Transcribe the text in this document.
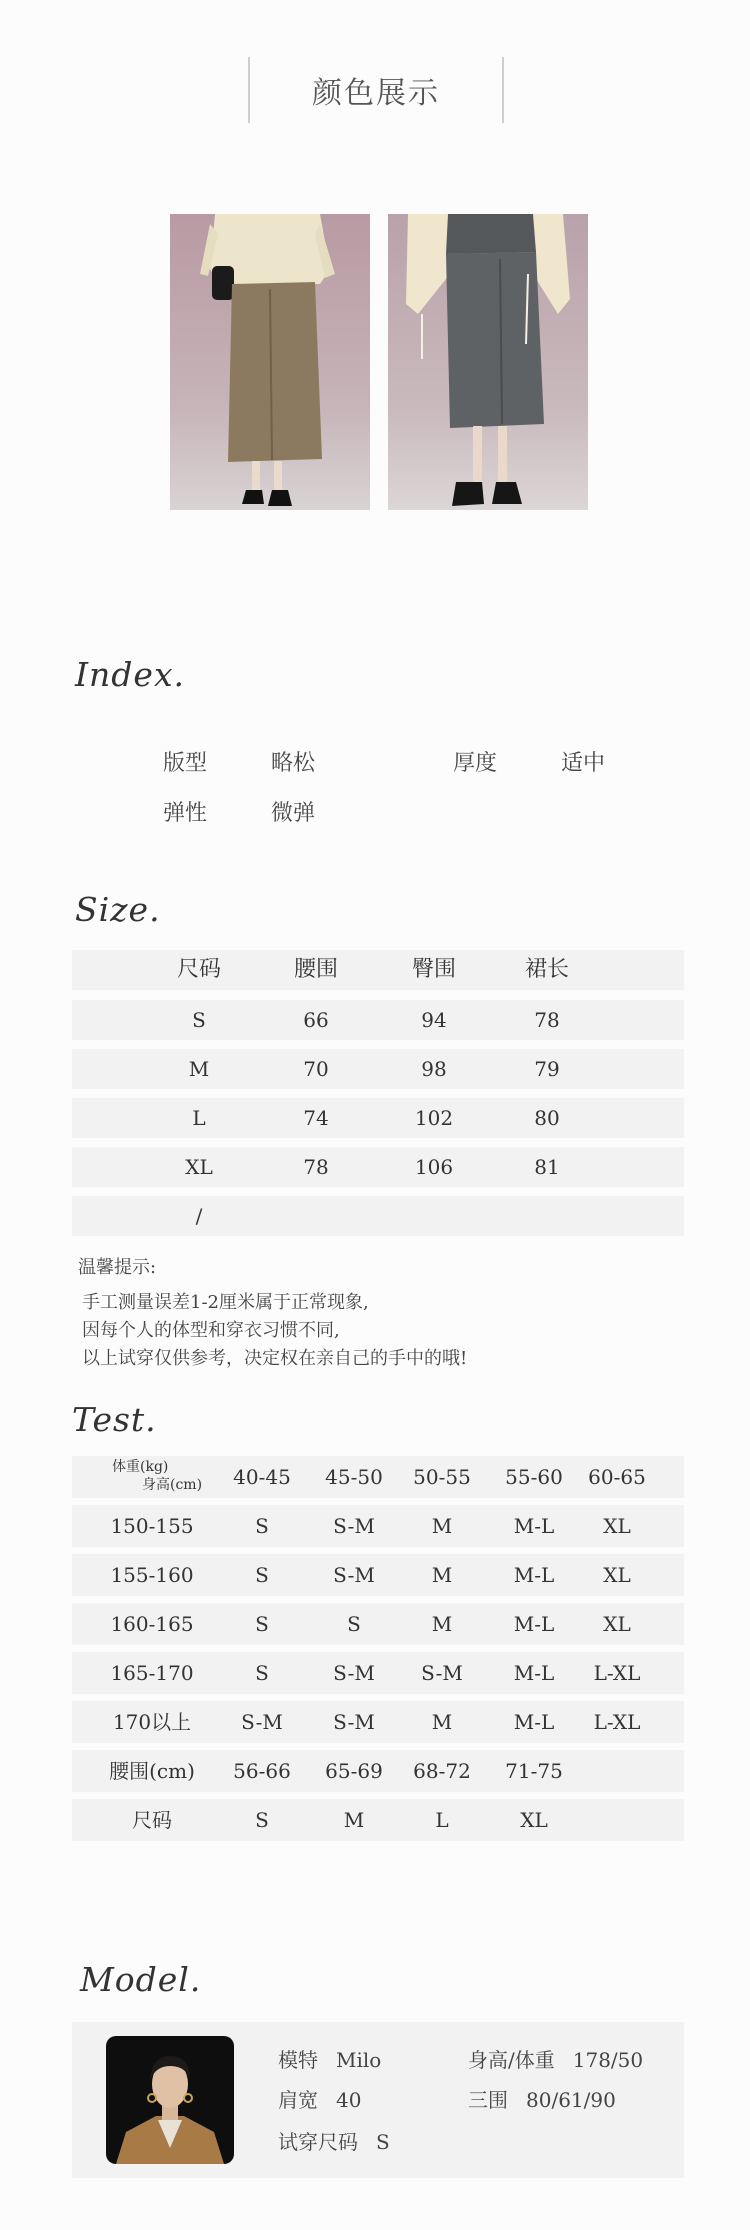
颜色展示
Index.
版型	略松	厚度	适中
弹性	微弹
Size.
尺码	腰围	臀围	裙长
S	66	94	78
M	70	98	79
L	74	102	80
XL	78	106	81
/
温馨提示:
手工测量误差1-2厘米属于正常现象,
因每个人的体型和穿衣习惯不同,
以上试穿仅供参考，决定权在亲自己的手中的哦!
Test.
体重(kg)
身高(cm)	40-45 45-50 50-55 55-60 60-65
150-155	S	S-M	M	M-L XL
155-160	S	S-M	M	M-L XL
160-165	S	S	M	M-L XL
165-170	S	S-M S-M	M-L L-XL
170以上	S-M	S-M	M	M-L L-XL
腰围(cm) 56-66 65-69 68-72 71-75
尺码	S	M	L	XL
Model.
模特 Milo	身高/体重 178/50
肩宽 40	三围 80/61/90
试穿尺码 S
